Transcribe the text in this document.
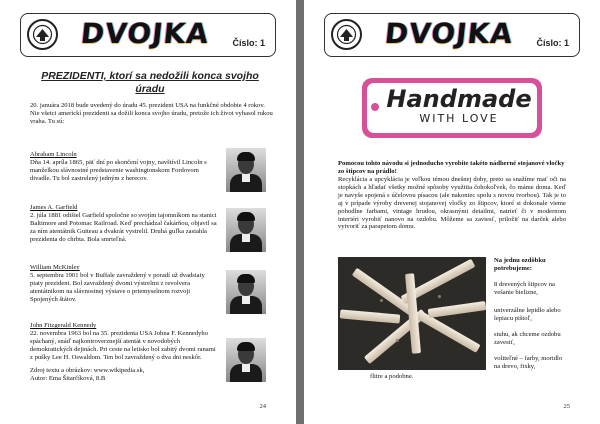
DVOJKA Číslo: 1
PREZIDENTI, ktorí sa nedožili konca svojho úradu
20. januára 2018 bude uvedený do úradu 45. prezident USA na funkčné obdobie 4 rokov. Nie všetci americkí prezidenti sa dožili konca svojho úradu, pretože ich život vyhasol rukou vraha. Tu sú:
Abraham Lincoln
Dňa 14. apríla 1865, päť dní po skončení vojny, navštívil Lincoln s manželkou slávnostné predstavenie washingtonskom Fordovom divadle. Tu bol zastrelený jedným z herecov.
James A. Garfield
2. júla 1881 odišiel Garfield spoločne so svojím tajomníkom na stanici Baltimore and Potomac Railroad. Keď prechádzal čakárňou, objavil sa za ním atentátnik Guiteau a dvakrát vystrelil. Druhá guľka zasiahla prezidenta do chrbta. Bola smrteľná.
William McKinley
5. septembra 1901 bol v Buffale zavraždený v poradí už dvadsiaty piaty prezident. Bol zavraždený dvomi výstrelmi z revolvera atentátnikom na slávnostnej výstave o priemyselnom rozvoji Spojených štátov.
John Fitzgerald Kennedy
22. novembra 1963 bol na 35. prezidenta USA Johna F. Kennedyho spáchaný, snáď najkontroverznejší atentát v novodobých demokratických dejinách. Pri ceste na letisko bol zabitý dvomi ranami z pušky Lee H. Oswaldom. Ten bol zavraždený o dva dni neskôr.
Zdroj textu a obrázkov: www.wikipedia.sk,
Autor: Ema Šitarčíková, 8.B
24
DVOJKA Číslo: 1
Handmade
WITH LOVE
Pomocou tohto návodu si jednoducho vyrobíte takéto nádherné stojanové vločky zo štipcov na prádlo!
Recyklácia a upcyklácia je veľkou témou dnešnej doby, preto sa snažíme mať oči na stopkách a hľadať všetky možné spôsoby využitia čohokoľvek, čo máme doma. Keď je navyše spojená s účelovou písacou (ale nakoniec spolu s novou tvorbou). Tak je to aj v prípade výroby drevenej stojanovej vločky zo štipcov, ktoré si dokonale vieme pohodlne farbami, vintage hrudou, okrasnými detailmi, natrieť či v modernom interiéri vyrobiť nanovo na ozdobu. Môžeme sa zaviesť, priložiť na darček alebo vytvoriť za parapetom domu.
Na jednu ozdôbku potrebujeme:
8 drevených štipcov na vešanie bielizne,
univerzálne lepidlo alebo lepiacu pištoľ,
stuhu, ak chceme ozdobu zavesiť,
voliteľné – farby, moridlo na drevo, fixky,
flitre a podobne.
25
